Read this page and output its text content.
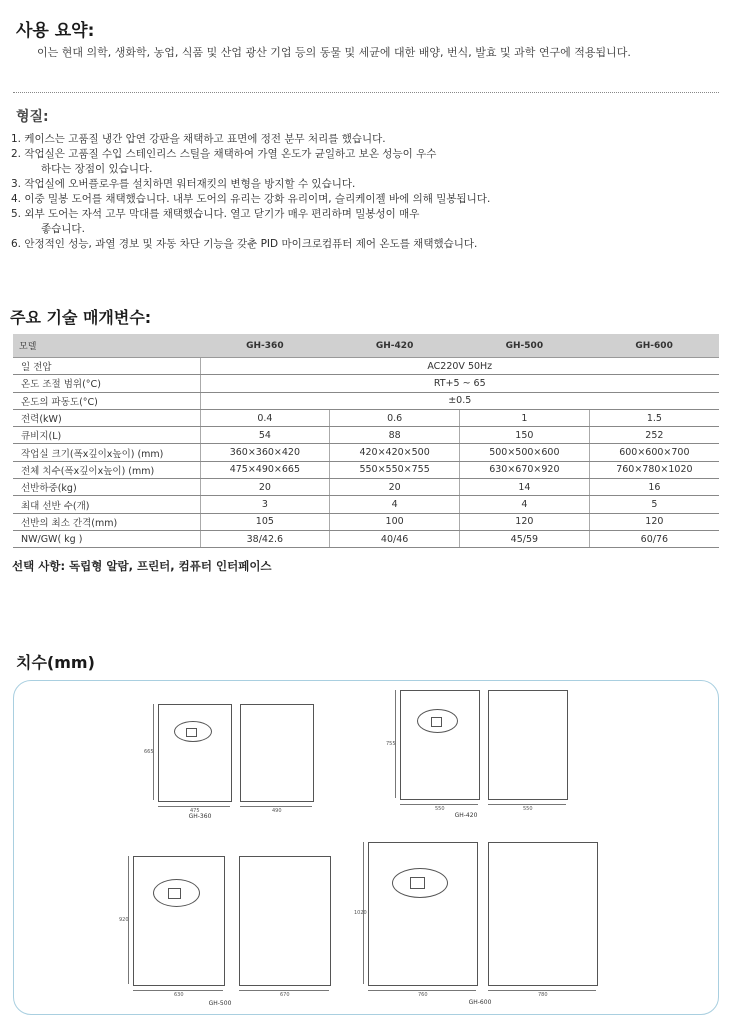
사용 요약:
이는 현대 의학, 생화학, 농업, 식품 및 산업 광산 기업 등의 동물 및 세균에 대한 배양, 번식, 발효 및 과학 연구에 적용됩니다.
형질:
1. 케이스는 고품질 냉간 압연 강판을 채택하고 표면에 정전 분무 처리를 했습니다.
2. 작업실은 고품질 수입 스테인리스 스틸을 채택하여 가열 온도가 균일하고 보온 성능이 우수
하다는 장점이 있습니다.
3. 작업실에 오버플로우를 설치하면 워터재킷의 변형을 방지할 수 있습니다.
4. 이중 밀봉 도어를 채택했습니다. 내부 도어의 유리는 강화 유리이며, 슬리케이젤 바에 의해 밀봉됩니다.
5. 외부 도어는 자석 고무 막대를 채택했습니다. 열고 닫기가 매우 편리하며 밀봉성이 매우
좋습니다.
6. 안정적인 성능, 과열 경보 및 자동 차단 기능을 갖춘 PID 마이크로컴퓨터 제어 온도를 채택했습니다.
주요 기술 매개변수:
모델	GH-360	GH-420	GH-500	GH-600
일 전압	AC220V 50Hz			
온도 조절 범위(°C)	RT+5 ~ 65			
온도의 파동도(°C)	±0.5			
전력(kW)	0.4	0.6	1	1.5
큐비지(L)	54	88	150	252
작업실 크기(폭x깊이x높이) (mm)	360×360×420	420×420×500	500×500×600	600×600×700
전체 치수(폭x깊이x높이) (mm)	475×490×665	550×550×755	630×670×920	760×780×1020
선반하중(kg)	20	20	14	16
최대 선반 수(개)	3	4	4	5
선반의 최소 간격(mm)	105	100	120	120
NW/GW( kg )	38/42.6	40/46	45/59	60/76
선택 사항: 독립형 알람, 프린터, 컴퓨터 인터페이스
치수(mm)
665
475	490
GH-360
755
550	550
GH-420
920
630	670
GH-500
1020
760	780
GH-600
